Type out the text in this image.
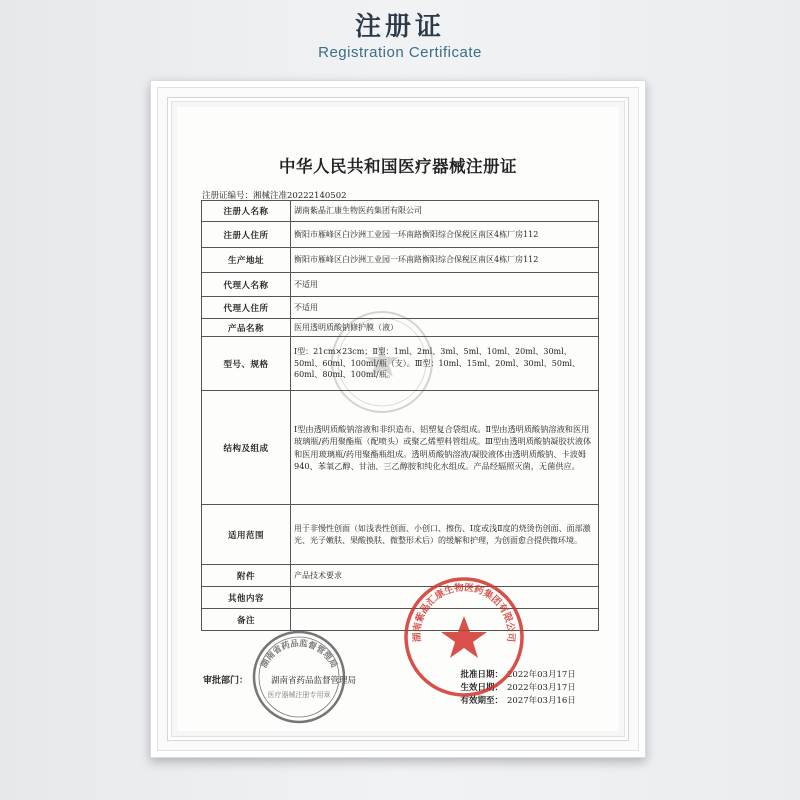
注册证
Registration Certificate
中华人民共和国医疗器械注册证
注册证编号：湘械注准20222140502
注册人名称	湖南紫晶汇康生物医药集团有限公司
注册人住所	衡阳市雁峰区白沙洲工业园一环南路衡阳综合保税区南区4栋厂房112
生产地址	衡阳市雁峰区白沙洲工业园一环南路衡阳综合保税区南区4栋厂房112
代理人名称	不适用
代理人住所	不适用
产品名称	医用透明质酸钠修护膜（液）
型号、规格	Ⅰ型：21cm×23cm；Ⅱ型：1ml、2ml、3ml、5ml、10ml、20ml、30ml、50ml、60ml、100ml/瓶（支）。Ⅲ型：10ml、15ml、20ml、30ml、50ml、60ml、80ml、100ml/瓶。
结构及组成	Ⅰ型由透明质酸钠溶液和非织造布、铝塑复合袋组成。Ⅱ型由透明质酸钠溶液和医用玻璃瓶/药用聚酯瓶（配喷头）或聚乙烯塑料管组成。Ⅲ型由透明质酸钠凝胶状液体和医用玻璃瓶/药用聚酯瓶组成。透明质酸钠溶液/凝胶液体由透明质酸钠、卡波姆940、苯氧乙醇、甘油、三乙醇胺和纯化水组成。产品经辐照灭菌，无菌供应。
适用范围	用于非慢性创面（如浅表性创面、小创口、擦伤、Ⅰ度或浅Ⅱ度的烧烫伤创面、面部激光、光子嫩肤、果酸换肤、微整形术后）的缓解和护理，为创面愈合提供微环境。
附件	产品技术要求
其他内容	
备注	
审批部门：	湖南省药品监督管理局
批准日期： 2022年03月17日
生效日期： 2022年03月17日
有效期至： 2027年03月16日
湖南紫晶汇康生物医药集团有限公司
湖南省药品监督管理局
医疗器械注册专用章
